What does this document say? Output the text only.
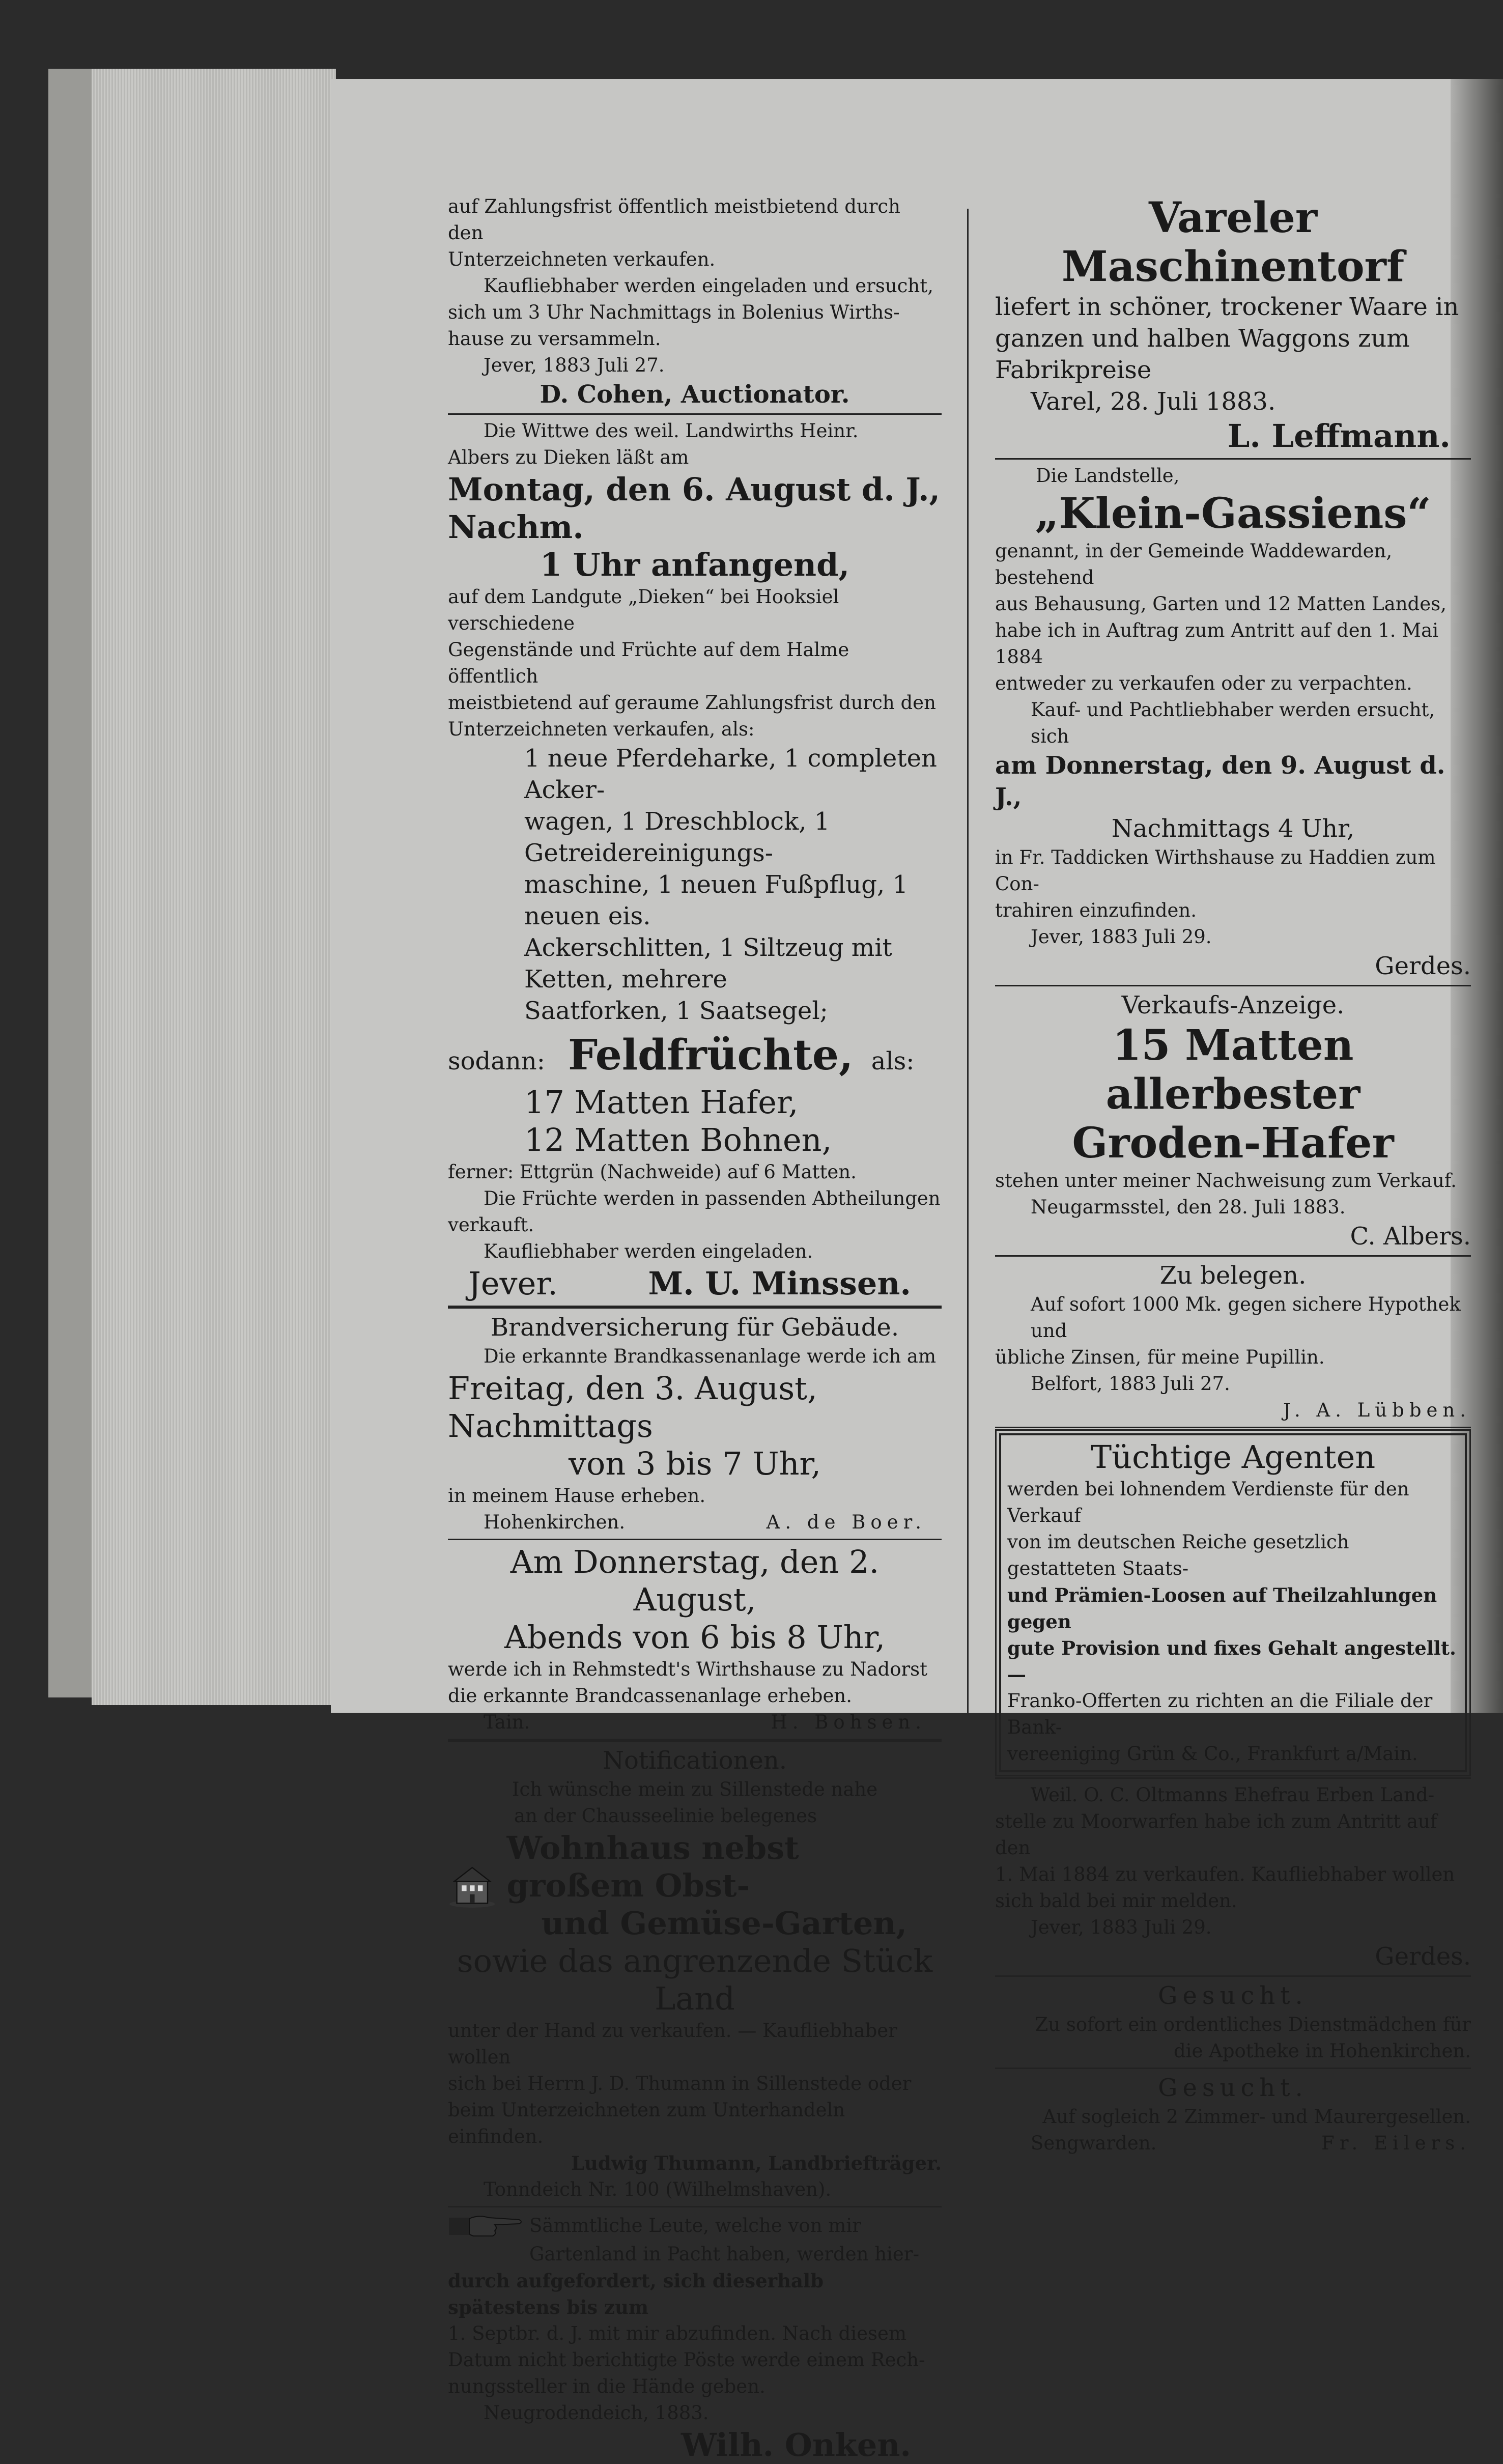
auf Zahlungsfrist öffentlich meistbietend durch den

Unterzeichneten verkaufen.

Kaufliebhaber werden eingeladen und ersucht,

sich um 3 Uhr Nachmittags in Bolenius Wirths-

hause zu versammeln.

Jever, 1883 Juli 27.

D. Cohen, Auctionator.

Die Wittwe des weil. Landwirths Heinr.

Albers zu Dieken läßt am

Montag, den 6. August d. J., Nachm.

1 Uhr anfangend,

auf dem Landgute „Dieken“ bei Hooksiel verschiedene

Gegenstände und Früchte auf dem Halme öffentlich

meistbietend auf geraume Zahlungsfrist durch den

Unterzeichneten verkaufen, als:

1 neue Pferdeharke, 1 completen Acker-

wagen, 1 Dreschblock, 1 Getreidereinigungs-

maschine, 1 neuen Fußpflug, 1 neuen eis.

Ackerschlitten, 1 Siltzeug mit Ketten, mehrere

Saatforken, 1 Saatsegel;

sodann: Feldfrüchte, als:

17 Matten Hafer,

12 Matten Bohnen,

ferner: Ettgrün (Nachweide) auf 6 Matten.

Die Früchte werden in passenden Abtheilungen

verkauft.

Kaufliebhaber werden eingeladen.

Jever.	M. U. Minssen.

Brandversicherung für Gebäude.

Die erkannte Brandkassenanlage werde ich am

Freitag, den 3. August, Nachmittags

von 3 bis 7 Uhr,

in meinem Hause erheben.

Hohenkirchen.	A. de Boer.

Am Donnerstag, den 2. August,

Abends von 6 bis 8 Uhr,

werde ich in Rehmstedt's Wirthshause zu Nadorst

die erkannte Brandcassenanlage erheben.

Tain.	H. Bohsen.

Notificationen.

Ich wünsche mein zu Sillenstede nahe

an der Chausseelinie belegenes

Wohnhaus nebst großem Obst-

und Gemüse-Garten,

sowie das angrenzende Stück Land

unter der Hand zu verkaufen. — Kaufliebhaber wollen

sich bei Herrn J. D. Thumann in Sillenstede oder

beim Unterzeichneten zum Unterhandeln einfinden.

Ludwig Thumann, Landbriefträger.

Tonndeich Nr. 100 (Wilhelmshaven).

Sämmtliche Leute, welche von mir

Gartenland in Pacht haben, werden hier-

durch aufgefordert, sich dieserhalb spätestens bis zum

1. Septbr. d. J. mit mir abzufinden. Nach diesem

Datum nicht berichtigte Pöste werde einem Rech-

nungssteller in die Hände geben.

Neugrodendeich, 1883.

Wilh. Onken.

Vareler Maschinentorf

liefert in schöner, trockener Waare in

ganzen und halben Waggons zum

Fabrikpreise

Varel, 28. Juli 1883.

L. Leffmann.

Die Landstelle,

„Klein-Gassiens“

genannt, in der Gemeinde Waddewarden, bestehend

aus Behausung, Garten und 12 Matten Landes,

habe ich in Auftrag zum Antritt auf den 1. Mai 1884

entweder zu verkaufen oder zu verpachten.

Kauf- und Pachtliebhaber werden ersucht, sich

am Donnerstag, den 9. August d. J.,

Nachmittags 4 Uhr,

in Fr. Taddicken Wirthshause zu Haddien zum Con-

trahiren einzufinden.

Jever, 1883 Juli 29.

Gerdes.

Verkaufs-Anzeige.

15 Matten allerbester

Groden-Hafer

stehen unter meiner Nachweisung zum Verkauf.

Neugarmsstel, den 28. Juli 1883.

C. Albers.

Zu belegen.

Auf sofort 1000 Mk. gegen sichere Hypothek und

übliche Zinsen, für meine Pupillin.

Belfort, 1883 Juli 27.

J. A. Lübben.

Tüchtige Agenten

werden bei lohnendem Verdienste für den Verkauf

von im deutschen Reiche gesetzlich gestatteten Staats-

und Prämien-Loosen auf Theilzahlungen gegen

gute Provision und fixes Gehalt angestellt. —

Franko-Offerten zu richten an die Filiale der Bank-

vereeniging Grün & Co., Frankfurt a/Main.

Weil. O. C. Oltmanns Ehefrau Erben Land-

stelle zu Moorwarfen habe ich zum Antritt auf den

1. Mai 1884 zu verkaufen. Kaufliebhaber wollen

sich bald bei mir melden.

Jever, 1883 Juli 29.

Gerdes.

Gesucht.

Zu sofort ein ordentliches Dienstmädchen für

die Apotheke in Hohenkirchen.

Gesucht.

Auf sogleich 2 Zimmer- und Maurergesellen.

Sengwarden.	Fr. Eilers.
